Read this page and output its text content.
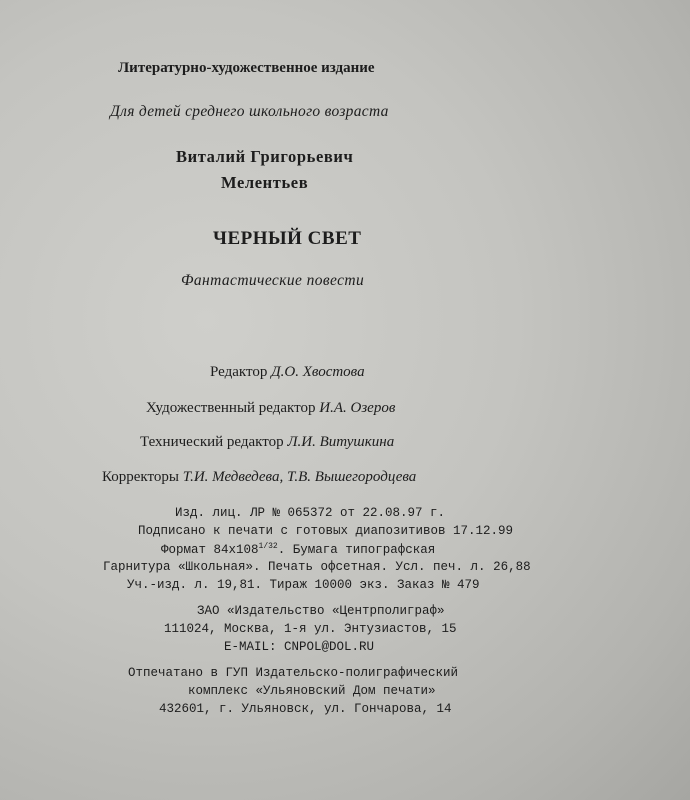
Литературно-художественное издание
Для детей среднего школьного возраста
Виталий Григорьевич
Мелентьев
ЧЕРНЫЙ СВЕТ
Фантастические повести
Редактор Д.О. Хвостова
Художественный редактор И.А. Озеров
Технический редактор Л.И. Витушкина
Корректоры Т.И. Медведева, Т.В. Вышегородцева
Изд. лиц. ЛР № 065372 от 22.08.97 г.
Подписано к печати с готовых диапозитивов 17.12.99
Формат $84x108^{1/32}$. Бумага типографская
Гарнитура «Школьная». Печать офсетная. Усл. печ. л. 26,88
Уч.-изд. л. 19,81. Тираж 10000 экз. Заказ № 479
ЗАО «Издательство «Центрполиграф»
111024, Москва, 1-я ул. Энтузиастов, 15
E-MAIL: CNPOL@DOL.RU
Отпечатано в ГУП Издательско-полиграфический
комплекс «Ульяновский Дом печати»
432601, г. Ульяновск, ул. Гончарова, 14
